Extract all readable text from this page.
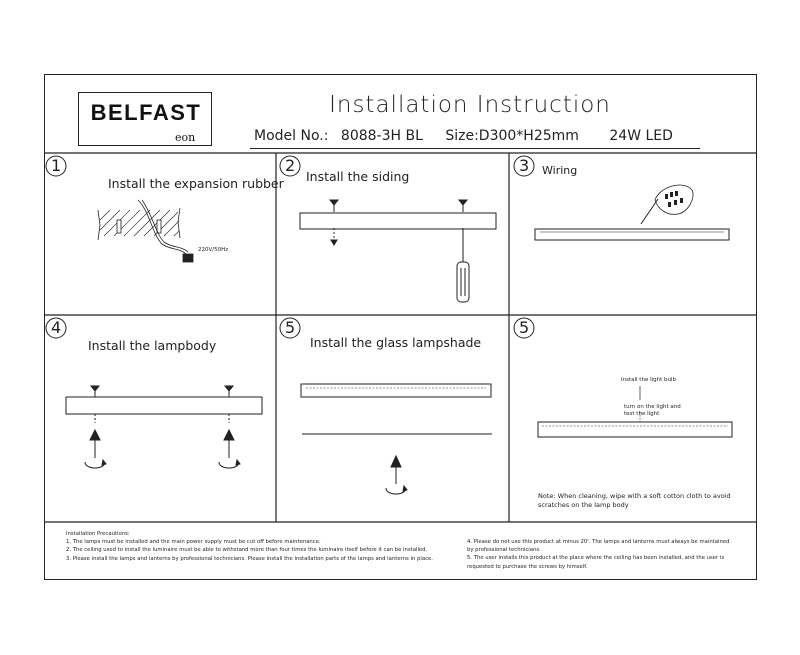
BELFAST
eon
Installation Instruction
Model No.: 8088-3H BL Size:D300*H25mm 24W LED
1
Install the expansion rubber
220V/50Hz
2
Install the siding
3 Wiring
4
Install the lampbody
5
Install the glass lampshade
5
Install the light bulb
turn on the light and
test the light
Note: When cleaning, wipe with a soft cotton cloth to avoid
scratches on the lamp body
Installation Precautions:
1. The lamps must be installed and the main power supply must be cut off before maintenance.
2. The ceiling used to install the luminaire must be able to withstand more than four times the luminaire itself before it can be installed.
3. Please install the lamps and lanterns by professional technicians. Please install the installation parts of the lamps and lanterns in place.
4. Please do not use this product at minus 20'. The lamps and lanterns must always be maintained
by professional technicians.
5. The user installs this product at the place where the ceiling has been installed, and the user is
requested to purchase the screws by himself.
